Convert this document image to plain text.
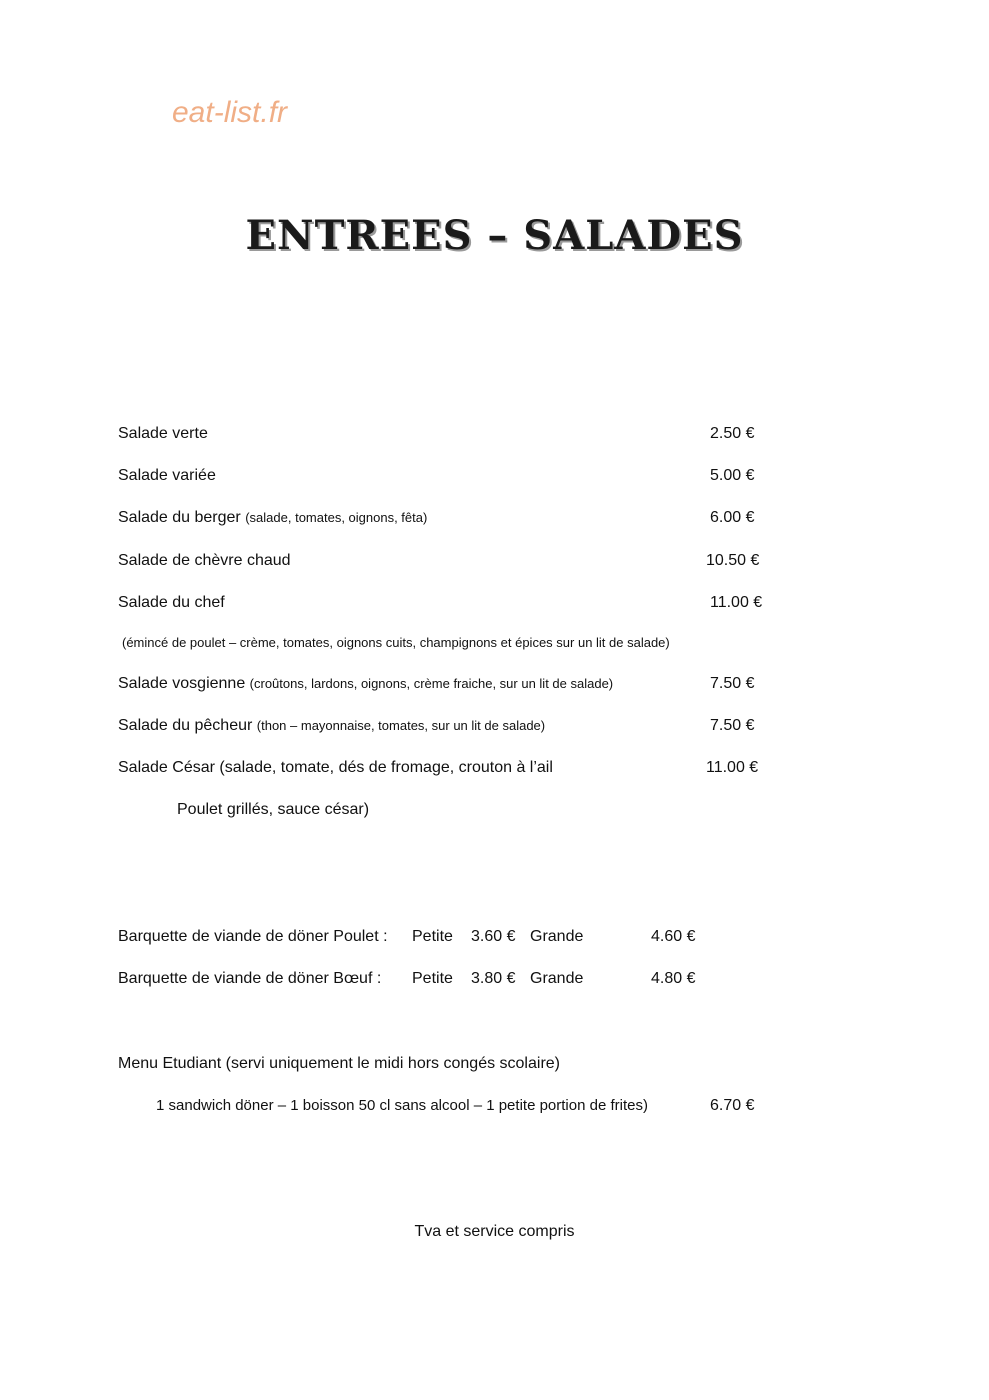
eat-list.fr
ENTREES – SALADES
Salade verte	2.50 €
Salade variée	5.00 €
Salade du berger (salade, tomates, oignons, fêta)	6.00 €
Salade de chèvre chaud	10.50 €
Salade du chef	11.00 €
(émincé de poulet – crème, tomates, oignons cuits, champignons et épices sur un lit de salade)
Salade vosgienne (croûtons, lardons, oignons, crème fraiche, sur un lit de salade)	7.50 €
Salade du pêcheur (thon – mayonnaise, tomates, sur un lit de salade)	7.50 €
Salade César (salade, tomate, dés de fromage, crouton à l’ail	11.00 €
Poulet grillés, sauce césar)
Barquette de viande de döner Poulet : Petite 3.60 € Grande	4.60 €
Barquette de viande de döner Bœuf : Petite 3.80 € Grande	4.80 €
Menu Etudiant (servi uniquement le midi hors congés scolaire)
1 sandwich döner – 1 boisson 50 cl sans alcool – 1 petite portion de frites)	6.70 €
Tva et service compris
